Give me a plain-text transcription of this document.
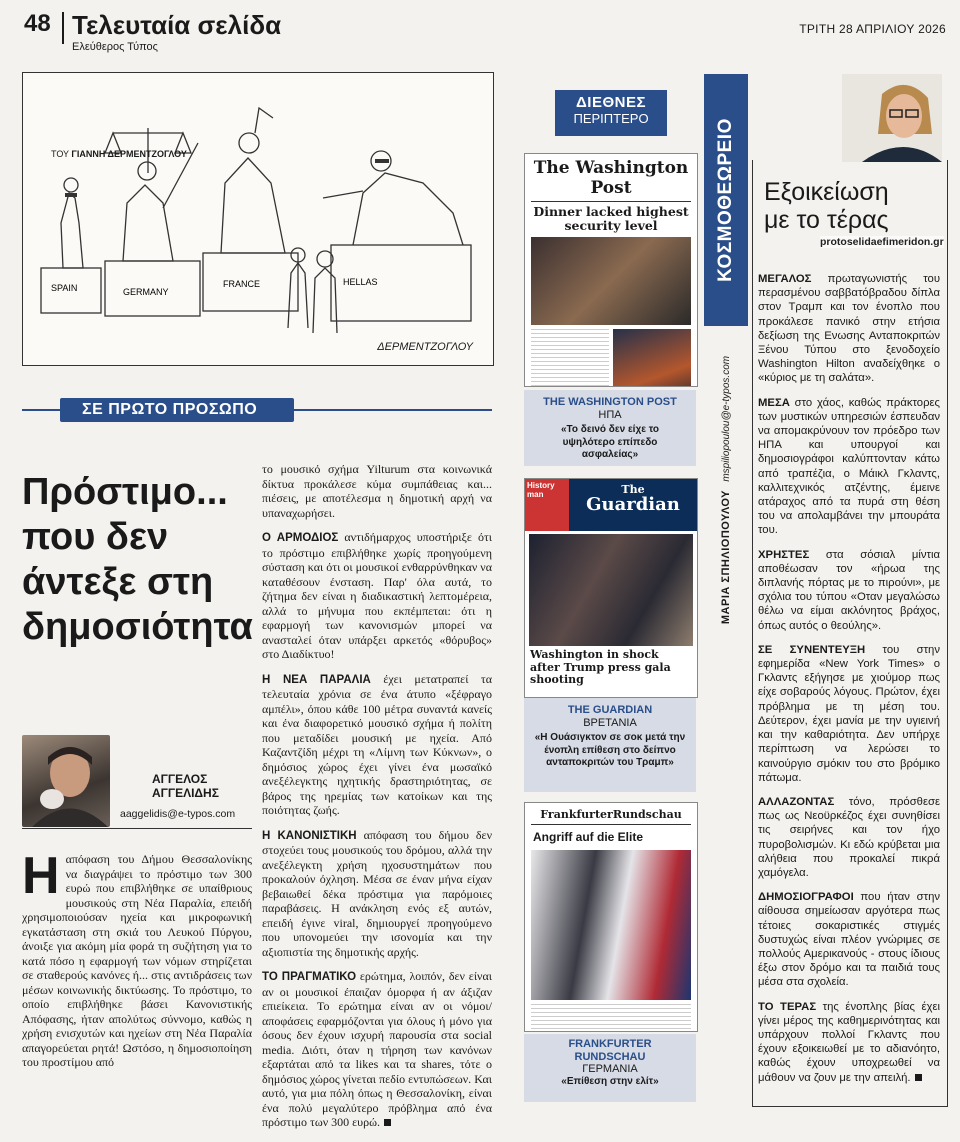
48 Τελευταία σελίδα
Ελεύθερος Τύπος
ΤΡΙΤΗ 28 ΑΠΡΙΛΙΟΥ 2026
SPAIN	GERMANY
FRANCE	HELLAS
ΤΟΥ ΓΙΑΝΝΗ ΔΕΡΜΕΝΤΖΟΓΛΟΥ
ΔΕΡΜΕΝΤΖΟΓΛΟΥ
ΣΕ ΠΡΩΤΟ ΠΡΟΣΩΠΟ
Πρόστιμο...
που δεν
άντεξε στη
δημοσιότητα
ΑΓΓΕΛΟΣ
ΑΓΓΕΛΙΔΗΣ
aaggelidis@e-typos.com
Ηαπόφαση του Δήμου Θεσσαλονίκης να διαγράψει το πρόστιμο των 300 ευρώ που επιβλήθηκε σε υπαίθριους μουσικούς στη Νέα Παραλία, επειδή χρησιμοποιούσαν ηχεία και μικροφωνική εγκατάσταση στη σκιά του Λευκού Πύργου, άνοιξε για ακόμη μία φορά τη συζήτηση για το κατά πόσο η εφαρμογή των νόμων στηρίζεται σε σταθερούς κανόνες ή... στις αντιδράσεις των μέσων κοινωνικής δικτύωσης. Το πρόστιμο, το οποίο επιβλήθηκε βάσει Κανονιστικής Απόφασης, ήταν απολύτως σύννομο, καθώς η χρήση ενισχυτών και ηχείων στη Νέα Παραλία απαγορεύεται ρητά! Ωστόσο, η δημοσιοποίηση του προστίμου από

το μουσικό σχήμα Yilturum στα κοινωνικά δίκτυα προκάλεσε κύμα συμπάθειας και... πιέσεις, με αποτέλεσμα η δημοτική αρχή να υπαναχωρήσει.

Ο ΑΡΜΟΔΙΟΣ αντιδήμαρχος υποστήριξε ότι το πρόστιμο επιβλήθηκε χωρίς προηγούμενη σύσταση και ότι οι μουσικοί ενθαρρύνθηκαν να καταθέσουν ένσταση. Παρ' όλα αυτά, το ζήτημα δεν είναι η διαδικαστική λεπτομέρεια, αλλά το μήνυμα που εκπέμπεται: ότι η εφαρμογή των κανονισμών μπορεί να ανασταλεί όταν υπάρξει αρκετός «θόρυβος» στο Διαδίκτυο!

Η ΝΕΑ ΠΑΡΑΛΙΑ έχει μετατραπεί τα τελευταία χρόνια σε ένα άτυπο «ξέφραγο αμπέλι», όπου κάθε 100 μέτρα συναντά κανείς και ένα διαφορετικό μουσικό σχήμα ή πολίτη που μεταδίδει μουσική με ηχεία. Από Καζαντζίδη μέχρι τη «Λίμνη των Κύκνων», ο δημόσιος χώρος έχει γίνει ένα μωσαϊκό ανεξέλεγκτης ηχητικής δραστηριότητας, σε βάρος της ηρεμίας των κατοίκων και της ποιότητας ζωής.

Η ΚΑΝΟΝΙΣΤΙΚΗ απόφαση του δήμου δεν στοχεύει τους μουσικούς του δρόμου, αλλά την ανεξέλεγκτη χρήση ηχοσυστημάτων που προκαλούν όχληση. Μέσα σε έναν μήνα είχαν βεβαιωθεί δέκα πρόστιμα για παρόμοιες παραβάσεις. Η ανάκληση ενός εξ αυτών, επειδή έγινε viral, δημιουργεί προηγούμενο που υπονομεύει την ισονομία και την αξιοπιστία της δημοτικής αρχής.

ΤΟ ΠΡΑΓΜΑΤΙΚΟ ερώτημα, λοιπόν, δεν είναι αν οι μουσικοί έπαιζαν όμορφα ή αν άξιζαν επιείκεια. Το ερώτημα είναι αν οι νόμοι/αποφάσεις εφαρμόζονται για όλους ή μόνο για όσους δεν έχουν ισχυρή παρουσία στα social media. Διότι, όταν η τήρηση των κανόνων εξαρτάται από τα likes και τα shares, τότε ο δημόσιος χώρος γίνεται πεδίο εντυπώσεων. Και αυτό, για μια πόλη όπως η Θεσσαλονίκη, είναι ένα πολύ μεγαλύτερο πρόβλημα από ένα πρόστιμο των 300 ευρώ.

ΔΙΕΘΝΕΣ
ΠΕΡΙΠΤΕΡΟ
The Washington Post
Dinner lacked highest security level
THE WASHINGTON POST
ΗΠΑ
«Το δεινό δεν είχε το υψηλότερο επίπεδο ασφαλείας»
History man	The
Guardian
Washington in shock after Trump press gala shooting
THE GUARDIAN
ΒΡΕΤΑΝΙΑ
«Η Ουάσιγκτον σε σοκ μετά την ένοπλη επίθεση στο δείπνο ανταποκριτών του Τραμπ»
FrankfurterRundschau
Angriff auf die Elite
FRANKFURTER
RUNDSCHAU
ΓΕΡΜΑΝΙΑ
«Επίθεση στην ελίτ»
ΚΟΣΜΟΘΕΩΡΕΙΟ
ΜΑΡΙΑ ΣΠΗΛΙΟΠΟΥΛΟΥ   mspiliopoulou@e-typos.com
Εξοικείωση
με το τέρας
protoselidaefimeridon.gr

ΜΕΓΑΛΟΣ πρωταγωνιστής του περασμένου σαββατόβραδου δίπλα στον Τραμπ και τον ένοπλο που προκάλεσε πανικό στην ετήσια δεξίωση της Ενωσης Ανταποκριτών Ξένου Τύπου στο ξενοδοχείο Washington Hilton αναδείχθηκε ο «κύριος με τη σαλάτα».

ΜΕΣΑ στο χάος, καθώς πράκτορες των μυστικών υπηρεσιών έσπευδαν να απομακρύνουν τον πρόεδρο των ΗΠΑ και υπουργοί και δημοσιογράφοι καλύπτονταν κάτω από τραπέζια, ο Μάικλ Γκλαντς, καλλιτεχνικός ατζέντης, έμεινε ατάραχος από τα πυρά στη θέση του να απολαμβάνει την μπουράτα του.

ΧΡΗΣΤΕΣ στα σόσιαλ μίντια αποθέωσαν τον «ήρωα της διπλανής πόρτας με το πιρούνι», με σχόλια του τύπου «Οταν μεγαλώσω θέλω να είμαι ακλόνητος βράχος, όπως αυτός ο θεούλης».

ΣΕ ΣΥΝΕΝΤΕΥΞΗ του στην εφημερίδα «New York Times» ο Γκλαντς εξήγησε με χιούμορ πως είχε σοβαρούς λόγους. Πρώτον, έχει πρόβλημα με τη μέση του. Δεύτερον, έχει μανία με την υγιεινή και την καθαριότητα. Δεν υπήρχε περίπτωση να λερώσει το καινούργιο σμόκιν του στο βρόμικο πάτωμα.

ΑΛΛΑΖΟΝΤΑΣ τόνο, πρόσθεσε πως ως Νεοϋρκέζος έχει συνηθίσει τις σειρήνες και τον ήχο πυροβολισμών. Κι εδώ κρύβεται μια αλήθεια που προκαλεί πικρά χαμόγελα.

ΔΗΜΟΣΙΟΓΡΑΦΟΙ που ήταν στην αίθουσα σημείωσαν αργότερα πως τέτοιες σοκαριστικές στιγμές δυστυχώς είναι πλέον γνώριμες σε πολλούς Αμερικανούς - στους ίδιους έξω στον δρόμο και τα παιδιά τους μέσα στα σχολεία.

ΤΟ ΤΕΡΑΣ της ένοπλης βίας έχει γίνει μέρος της καθημερινότητας και υπάρχουν πολλοί Γκλαντς που έχουν εξοικειωθεί με το αδιανόητο, καθώς έχουν υποχρεωθεί να μάθουν να ζουν με την απειλή.
